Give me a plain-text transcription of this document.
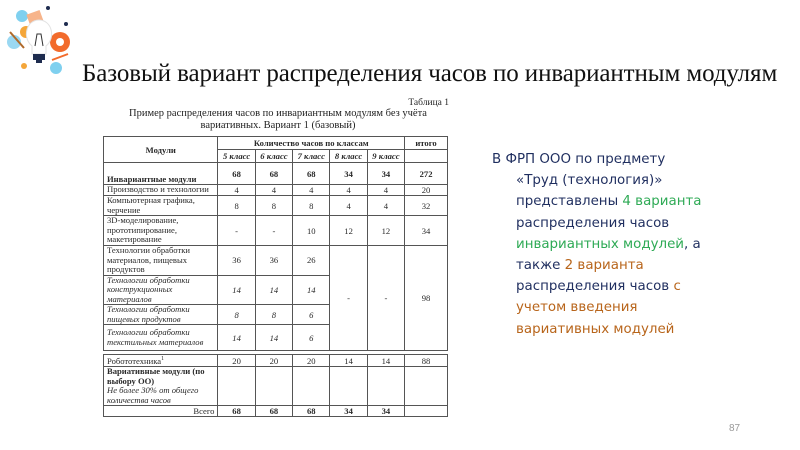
Базовый вариант распределения часов по инвариантным модулям
Таблица 1
Пример распределения часов по инвариантным модулям без учёта
вариативных. Вариант 1 (базовый)
Модули	Количество часов по классам					итого
	5 класс	6 класс	7 класс	8 класс	9 класс	
Инвариантные модули	68	68	68	34	34	272
Производство и технологии	4	4	4	4	4	20
Компьютерная графика, черчение	8	8	8	4	4	32
3D-моделирование, прототипирование, макетирование	-	-	10	12	12	34
Технологии обработки материалов, пищевых продуктов	36	36	26	-	-	98
Технологии обработки конструкционных материалов	14	14	14			
Технологии обработки пищевых продуктов	8	8	6			
Технологии обработки текстильных материалов	14	14	6			

Робототехника$^1$	20	20	20	14	14	88

Вариативные модули (по выбору ОО)
Не более 30% от общего количества часов						

Всего	68	68	68	34	34	
В ФРП ООО по предмету
«Труд (технология)»
представлены 4 варианта
распределения часов
инвариантных модулей, а
также 2 варианта
распределения часов с
учетом введения
вариативных модулей
87
